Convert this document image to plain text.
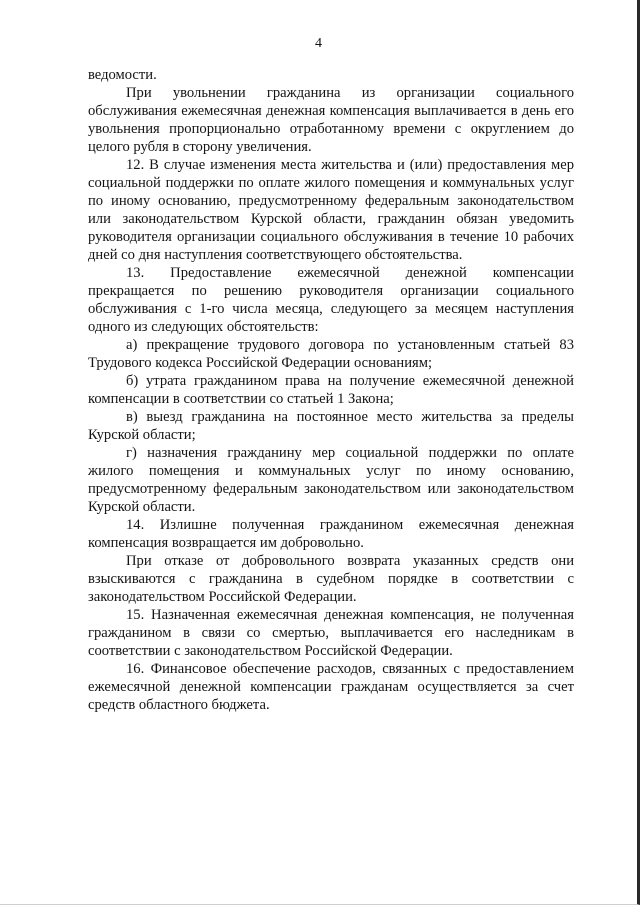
4

ведомости.

При увольнении гражданина из организации социального обслуживания ежемесячная денежная компенсация выплачивается в день его увольнения пропорционально отработанному времени с округлением до целого рубля в сторону увеличения.

12. В случае изменения места жительства и (или) предоставления мер социальной поддержки по оплате жилого помещения и коммунальных услуг по иному основанию, предусмотренному федеральным законодательством или законодательством Курской области, гражданин обязан уведомить руководителя организации социального обслуживания в течение 10 рабочих дней со дня наступления соответствующего обстоятельства.

13. Предоставление ежемесячной денежной компенсации прекращается по решению руководителя организации социального обслуживания с 1-го числа месяца, следующего за месяцем наступления одного из следующих обстоятельств:

а) прекращение трудового договора по установленным статьей 83 Трудового кодекса Российской Федерации основаниям;

б) утрата гражданином права на получение ежемесячной денежной компенсации в соответствии со статьей 1 Закона;

в) выезд гражданина на постоянное место жительства за пределы Курской области;

г) назначения гражданину мер социальной поддержки по оплате жилого помещения и коммунальных услуг по иному основанию, предусмотренному федеральным законодательством или законодательством Курской области.

14. Излишне полученная гражданином ежемесячная денежная компенсация возвращается им добровольно.

При отказе от добровольного возврата указанных средств они взыскиваются с гражданина в судебном порядке в соответствии с законодательством Российской Федерации.

15. Назначенная ежемесячная денежная компенсация, не полученная гражданином в связи со смертью, выплачивается его наследникам в соответствии с законодательством Российской Федерации.

16. Финансовое обеспечение расходов, связанных с предоставлением ежемесячной денежной компенсации гражданам осуществляется за счет средств областного бюджета.
